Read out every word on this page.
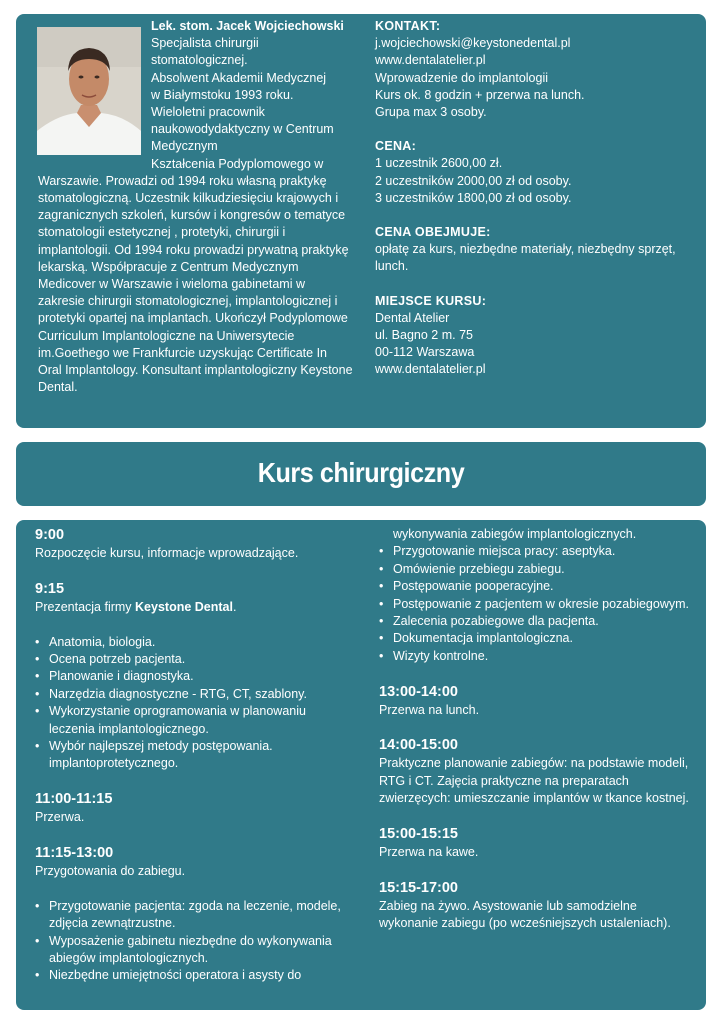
Lek. stom. Jacek Wojciechowski

Specjalista chirurgii

stomatologicznej.

Absolwent Akademii Medycznej

w Białymstoku 1993 roku.

Wieloletni pracownik

naukowodydaktyczny w Centrum

Medycznym

Kształcenia Podyplomowego w Warszawie. Prowadzi od 1994 roku własną praktykę stomatologiczną. Uczestnik kilkudziesięciu krajowych i zagranicznych szkoleń, kursów i kongresów o tematyce stomatologii estetycznej , protetyki, chirurgii i implantologii. Od 1994 roku prowadzi prywatną praktykę lekarską. Współpracuje z Centrum Medycznym Medicover w Warszawie i wieloma gabinetami w zakresie chirurgii stomatologicznej, implantologicznej i protetyki opartej na implantach. Ukończył Podyplomowe Curriculum Implantologiczne na Uniwersytecie im.Goethego we Frankfurcie uzyskując Certificate In Oral Implantology. Konsultant implantologiczny Keystone Dental.

KONTAKT:
j.wojciechowski@keystonedental.pl
www.dentalatelier.pl
Wprowadzenie do implantologii
Kurs ok. 8 godzin + przerwa na lunch.
Grupa max 3 osoby.
CENA:
1 uczestnik 2600,00 zł.
2 uczestników 2000,00 zł od osoby.
3 uczestników 1800,00 zł od osoby.
CENA OBEJMUJE:
opłatę za kurs, niezbędne materiały, niezbędny sprzęt, lunch.
MIEJSCE KURSU:
Dental Atelier
ul. Bagno 2 m. 75
00-112 Warszawa
www.dentalatelier.pl
Kurs chirurgiczny

9:00

Rozpoczęcie kursu, informacje wprowadzające.

9:15

Prezentacja firmy Keystone Dental.

• Anatomia, biologia.
• Ocena potrzeb pacjenta.
• Planowanie i diagnostyka.
• Narzędzia diagnostyczne - RTG, CT, szablony.
• Wykorzystanie oprogramowania w planowaniu leczenia implantologicznego.
• Wybór najlepszej metody postępowania. implantoprotetycznego.

11:00-11:15

Przerwa.

11:15-13:00

Przygotowania do zabiegu.

• Przygotowanie pacjenta: zgoda na leczenie, modele, zdjęcia zewnątrzustne.
• Wyposażenie gabinetu niezbędne do wykonywania abiegów implantologicznych.
• Niezbędne umiejętności operatora i asysty do
wykonywania zabiegów implantologicznych.
• Przygotowanie miejsca pracy: aseptyka.
• Omówienie przebiegu zabiegu.
• Postępowanie pooperacyjne.
• Postępowanie z pacjentem w okresie pozabiegowym.
• Zalecenia pozabiegowe dla pacjenta.
• Dokumentacja implantologiczna.
• Wizyty kontrolne.

13:00-14:00

Przerwa na lunch.

14:00-15:00

Praktyczne planowanie zabiegów: na podstawie modeli, RTG i CT. Zajęcia praktyczne na preparatach zwierzęcych: umieszczanie implantów w tkance kostnej.

15:00-15:15

Przerwa na kawe.

15:15-17:00

Zabieg na żywo. Asystowanie lub samodzielne wykonanie zabiegu (po wcześniejszych ustaleniach).
